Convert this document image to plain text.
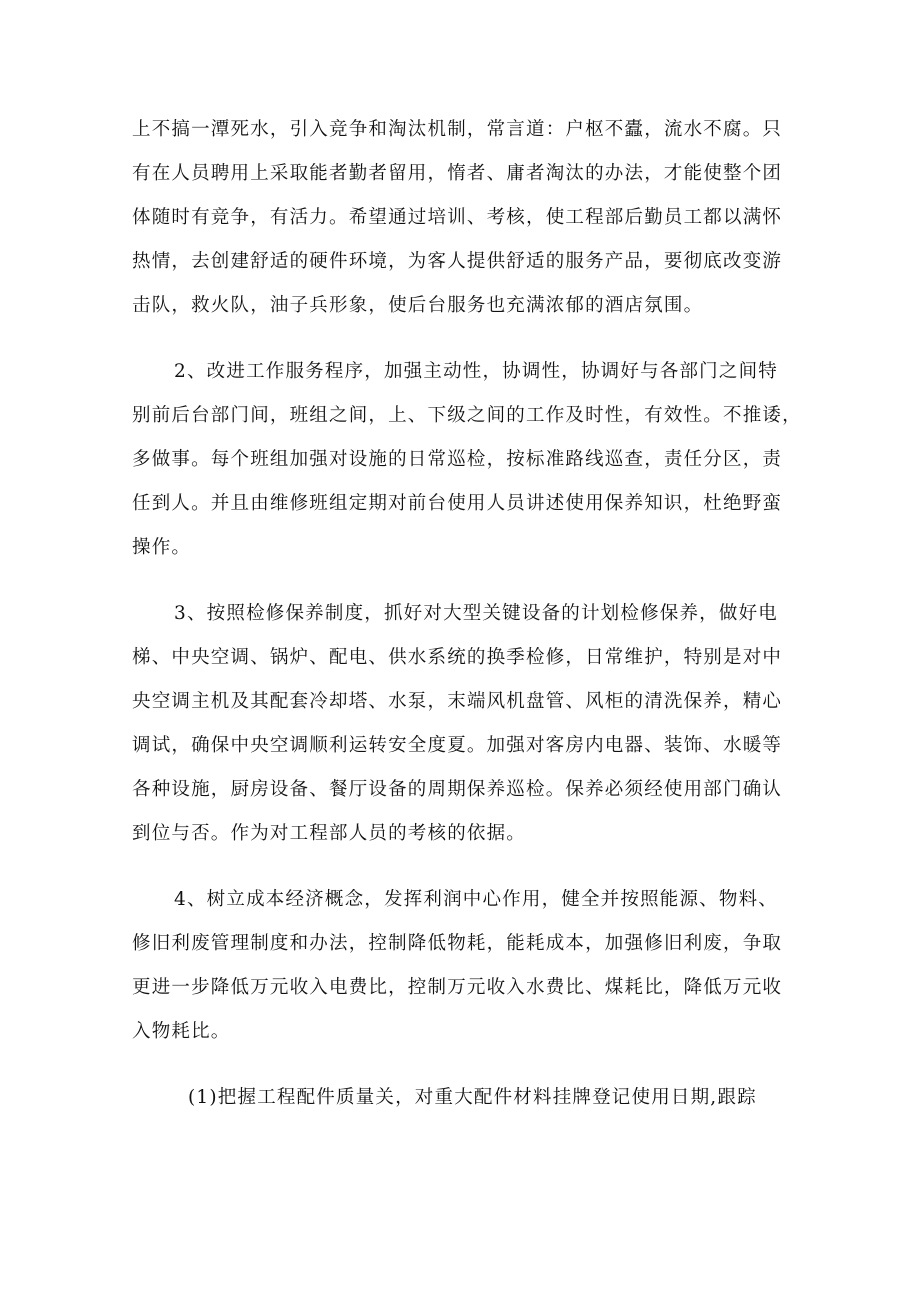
上不搞一潭死水，引入竞争和淘汰机制，常言道：户枢不蠹，流水不腐。只
有在人员聘用上采取能者勤者留用，惰者、庸者淘汰的办法，才能使整个团
体随时有竞争，有活力。希望通过培训、考核，使工程部后勤员工都以满怀
热情，去创建舒适的硬件环境，为客人提供舒适的服务产品，要彻底改变游
击队，救火队，油子兵形象，使后台服务也充满浓郁的酒店氛围。

2、改进工作服务程序，加强主动性，协调性，协调好与各部门之间特
别前后台部门间，班组之间，上、下级之间的工作及时性，有效性。不推诿，
多做事。每个班组加强对设施的日常巡检，按标准路线巡查，责任分区，责
任到人。并且由维修班组定期对前台使用人员讲述使用保养知识，杜绝野蛮
操作。

3、按照检修保养制度，抓好对大型关键设备的计划检修保养，做好电
梯、中央空调、锅炉、配电、供水系统的换季检修，日常维护，特别是对中
央空调主机及其配套冷却塔、水泵，末端风机盘管、风柜的清洗保养，精心
调试，确保中央空调顺利运转安全度夏。加强对客房内电器、装饰、水暖等
各种设施，厨房设备、餐厅设备的周期保养巡检。保养必须经使用部门确认
到位与否。作为对工程部人员的考核的依据。

4、树立成本经济概念，发挥利润中心作用，健全并按照能源、物料、
修旧利废管理制度和办法，控制降低物耗，能耗成本，加强修旧利废，争取
更进一步降低万元收入电费比，控制万元收入水费比、煤耗比，降低万元收
入物耗比。

(1)把握工程配件质量关，对重大配件材料挂牌登记使用日期,跟踪
